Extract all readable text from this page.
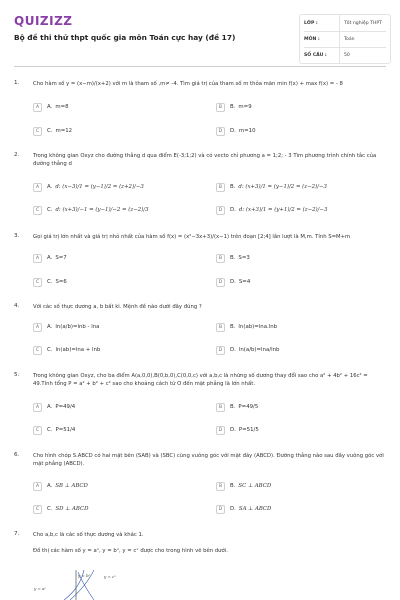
QUIZIZZ
Bộ đề thi thử thpt quốc gia môn Toán cực hay (đề 17)
LỚP :	Tốt nghiệp THPT
MÔN :	Toán
SỐ CÂU :	50
1.	Cho hàm số y = (x−m)/(x+2) với m là tham số ,m≠ -4. Tìm giá trị của tham số m thỏa mãn min f(x) + max f(x) = - 8
A	A. m=8	B	B. m=9
C	C. m=12	D	D. m=10
2.	Trong không gian Oxyz cho đường thẳng d qua điểm E(-3;1;2) và có vecto chỉ phương a = 1;2; - 3 Tìm phương trình chính tắc của đường thẳng d
A	A. d: (x−3)/1 = (y−1)/2 = (z+2)/−3	B	B. d: (x+3)/1 = (y−1)/2 = (z−2)/−3
C	C. d: (x+3)/−1 = (y−1)/−2 = (z−2)/3	D	D. d: (x+3)/1 = (y+1)/2 = (z−2)/−3
3.	Gọi giá trị lớn nhất và giá trị nhỏ nhất của hàm số f(x) = (x²−3x+3)/(x−1) trên đoạn [2;4] lần lượt là M,m. Tính S=M+m
A	A. S=7	B	B. S=3
C	C. S=6	D	D. S=4
4.	Với các số thực dương a, b bất kì. Mệnh đề nào dưới đây đúng ?
A	A. ln(a/b)=lnb - lna	B	B. ln(ab)=lna.lnb
C	C. ln(ab)=lna + lnb	D	D. ln(a/b)=lna/lnb
5.	Trong không gian Oxyz, cho ba điểm A(a,0,0),B(0,b,0),C(0,0,c) với a,b,c là những số dương thay đổi sao cho a² + 4b² + 16c² = 49.Tính tổng P = a² + b² + c² sao cho khoảng cách từ O đến mặt phẳng là lớn nhất.
A	A. P=49/4	B	B. P=49/5
C	C. P=51/4	D	D. P=51/5
6.	Cho hình chóp S.ABCD có hai mặt bên (SAB) và (SBC) cùng vuông góc với mặt đáy (ABCD). Đường thẳng nào sau đây vuông góc với mặt phẳng (ABCD).
A	A. SB ⊥ ABCD	B	B. SC ⊥ ABCD
C	C. SD ⊥ ABCD	D	D. SA ⊥ ABCD
7.	Cho a,b,c là các số thực dương và khác 1.
Đồ thị các hàm số y = aˣ, y = bˣ, y = cˣ được cho trong hình vẽ bên dưới.
y = aˣ
y = bˣ	y = cˣ
